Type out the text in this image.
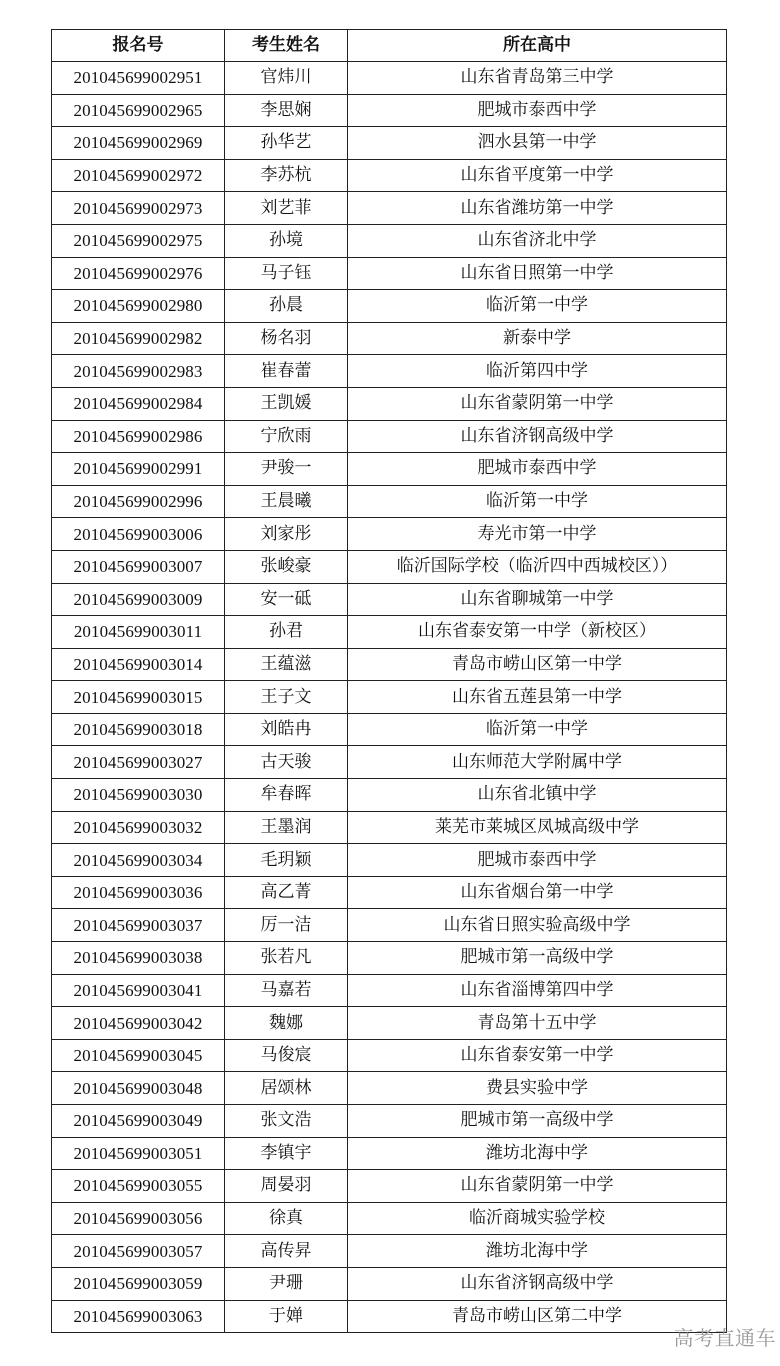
报名号	考生姓名	所在高中
201045699002951	官炜川	山东省青岛第三中学
201045699002965	李思娴	肥城市泰西中学
201045699002969	孙华艺	泗水县第一中学
201045699002972	李苏杭	山东省平度第一中学
201045699002973	刘艺菲	山东省潍坊第一中学
201045699002975	孙境	山东省济北中学
201045699002976	马子钰	山东省日照第一中学
201045699002980	孙晨	临沂第一中学
201045699002982	杨名羽	新泰中学
201045699002983	崔春蕾	临沂第四中学
201045699002984	王凯媛	山东省蒙阴第一中学
201045699002986	宁欣雨	山东省济钢高级中学
201045699002991	尹骏一	肥城市泰西中学
201045699002996	王晨曦	临沂第一中学
201045699003006	刘家彤	寿光市第一中学
201045699003007	张峻豪	临沂国际学校（临沂四中西城校区））
201045699003009	安一砥	山东省聊城第一中学
201045699003011	孙君	山东省泰安第一中学（新校区）
201045699003014	王蕴滋	青岛市崂山区第一中学
201045699003015	王子文	山东省五莲县第一中学
201045699003018	刘皓冉	临沂第一中学
201045699003027	古天骏	山东师范大学附属中学
201045699003030	牟春晖	山东省北镇中学
201045699003032	王墨润	莱芜市莱城区凤城高级中学
201045699003034	毛玥颖	肥城市泰西中学
201045699003036	高乙菁	山东省烟台第一中学
201045699003037	厉一洁	山东省日照实验高级中学
201045699003038	张若凡	肥城市第一高级中学
201045699003041	马嘉若	山东省淄博第四中学
201045699003042	魏娜	青岛第十五中学
201045699003045	马俊宸	山东省泰安第一中学
201045699003048	居颂林	费县实验中学
201045699003049	张文浩	肥城市第一高级中学
201045699003051	李镇宇	潍坊北海中学
201045699003055	周晏羽	山东省蒙阴第一中学
201045699003056	徐真	临沂商城实验学校
201045699003057	高传昇	潍坊北海中学
201045699003059	尹珊	山东省济钢高级中学
201045699003063	于婵	青岛市崂山区第二中学
高考直通车
